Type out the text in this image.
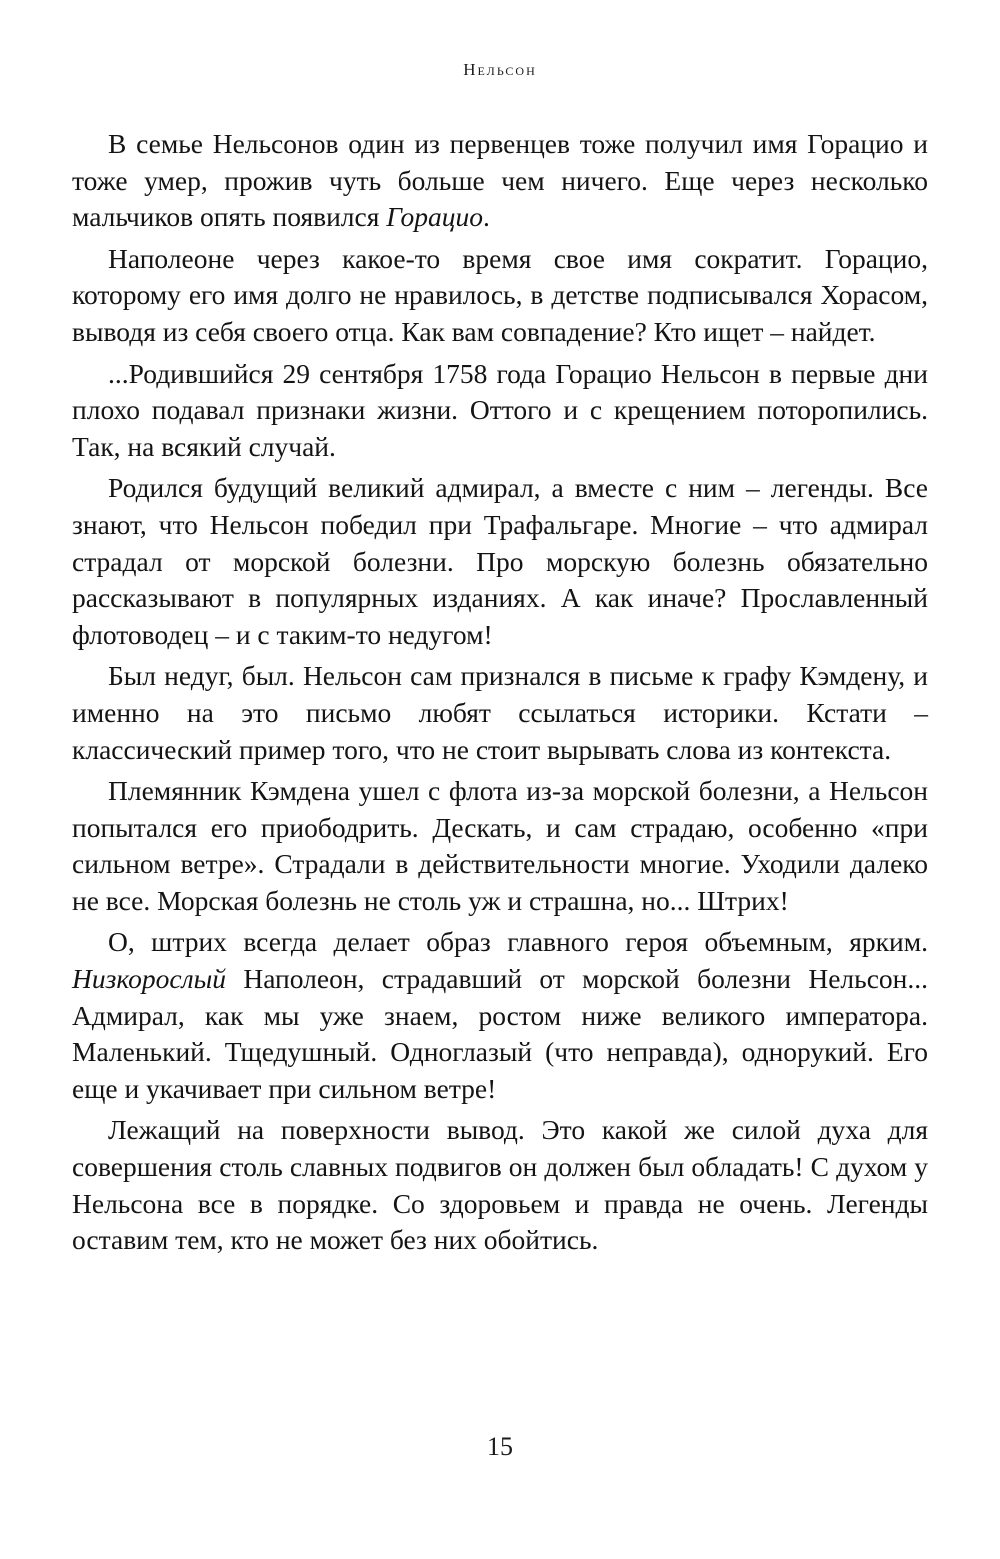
Нельсон

В семье Нельсонов один из первенцев тоже получил имя Горацио и тоже умер, прожив чуть больше чем ничего. Еще через несколько мальчиков опять появился Горацио.

Наполеоне через какое-то время свое имя сократит. Горацио, которому его имя долго не нравилось, в детстве подписывался Хорасом, выводя из себя своего отца. Как вам совпадение? Кто ищет – найдет.

...Родившийся 29 сентября 1758 года Горацио Нельсон в первые дни плохо подавал признаки жизни. Оттого и с крещением поторопились. Так, на всякий случай.

Родился будущий великий адмирал, а вместе с ним – легенды. Все знают, что Нельсон победил при Трафальгаре. Многие – что адмирал страдал от морской болезни. Про морскую болезнь обязательно рассказывают в популярных изданиях. А как иначе? Прославленный флотоводец – и с таким-то недугом!

Был недуг, был. Нельсон сам признался в письме к графу Кэмдену, и именно на это письмо любят ссылаться историки. Кстати – классический пример того, что не стоит вырывать слова из контекста.

Племянник Кэмдена ушел с флота из-за морской болезни, а Нельсон попытался его приободрить. Дескать, и сам страдаю, особенно «при сильном ветре». Страдали в действительности многие. Уходили далеко не все. Морская болезнь не столь уж и страшна, но... Штрих!

О, штрих всегда делает образ главного героя объемным, ярким. Низкорослый Наполеон, страдавший от морской болезни Нельсон... Адмирал, как мы уже знаем, ростом ниже великого императора. Маленький. Тщедушный. Одноглазый (что неправда), однорукий. Его еще и укачивает при сильном ветре!

Лежащий на поверхности вывод. Это какой же силой духа для совершения столь славных подвигов он должен был обладать! С духом у Нельсона все в порядке. Со здоровьем и правда не очень. Легенды оставим тем, кто не может без них обойтись.

15
